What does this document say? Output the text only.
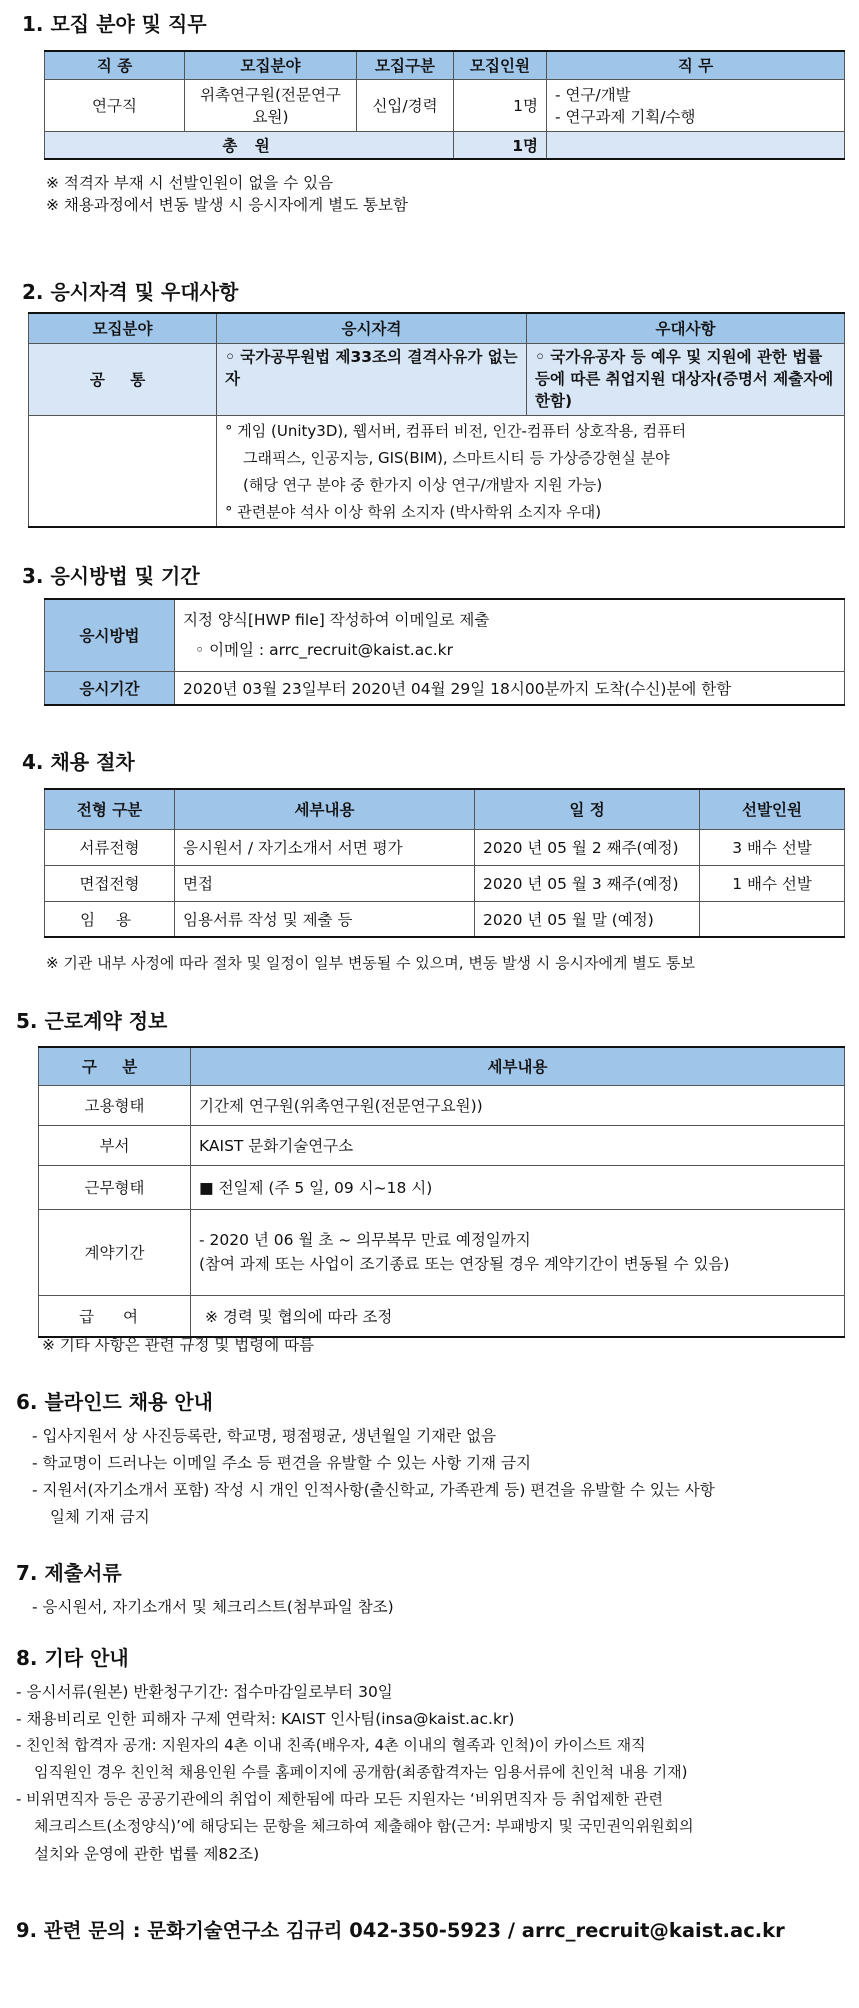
1. 모집 분야 및 직무
직 종	모집분야	모집구분	모집인원	직 무
연구직	위촉연구원(전문연구요원)	신입/경력	1명	- 연구/개발
- 연구과제 기획/수행

총 원			1명	
※ 적격자 부재 시 선발인원이 없을 수 있음
※ 채용과정에서 변동 발생 시 응시자에게 별도 통보함
2. 응시자격 및 우대사항
모집분야	응시자격	우대사항
공 통	◦ 국가공무원법 제33조의 결격사유가 없는 자	◦ 국가유공자 등 예우 및 지원에 관한 법률 등에 따른 취업지원 대상자(증명서 제출자에 한함)

	° 게임 (Unity3D), 웹서버, 컴퓨터 비전, 인간-컴퓨터 상호작용, 컴퓨터
그래픽스, 인공지능, GIS(BIM), 스마트시티 등 가상증강현실 분야
(해당 연구 분야 중 한가지 이상 연구/개발자 지원 가능)
° 관련분야 석사 이상 학위 소지자 (박사학위 소지자 우대)	
3. 응시방법 및 기간
응시방법	지정 양식[HWP file] 작성하여 이메일로 제출
◦ 이메일 : arrc_recruit@kaist.ac.kr

응시기간	2020년 03월 23일부터 2020년 04월 29일 18시00분까지 도착(수신)분에 한함
4. 채용 절차
전형 구분	세부내용	일 정	선발인원
서류전형	응시원서 / 자기소개서 서면 평가	2020 년 05 월 2 째주(예정)	3 배수 선발
면접전형	면접	2020 년 05 월 3 째주(예정)	1 배수 선발
임 용	임용서류 작성 및 제출 등	2020 년 05 월 말 (예정)	
※ 기관 내부 사정에 따라 절차 및 일정이 일부 변동될 수 있으며, 변동 발생 시 응시자에게 별도 통보
5. 근로계약 정보
구 분	세부내용
고용형태	기간제 연구원(위촉연구원(전문연구요원))
부서	KAIST 문화기술연구소
근무형태	■ 전일제 (주 5 일, 09 시~18 시)
계약기간	- 2020 년 06 월 초 ~ 의무복무 만료 예정일까지
(참여 과제 또는 사업이 조기종료 또는 연장될 경우 계약기간이 변동될 수 있음)

급 여	※ 경력 및 협의에 따라 조정
※ 기타 사항은 관련 규정 및 법령에 따름
6. 블라인드 채용 안내
- 입사지원서 상 사진등록란, 학교명, 평점평균, 생년월일 기재란 없음
- 학교명이 드러나는 이메일 주소 등 편견을 유발할 수 있는 사항 기재 금지
- 지원서(자기소개서 포함) 작성 시 개인 인적사항(출신학교, 가족관계 등) 편견을 유발할 수 있는 사항
일체 기재 금지
7. 제출서류
- 응시원서, 자기소개서 및 체크리스트(첨부파일 참조)
8. 기타 안내
- 응시서류(원본) 반환청구기간: 접수마감일로부터 30일
- 채용비리로 인한 피해자 구제 연락처: KAIST 인사팀(insa@kaist.ac.kr)
- 친인척 합격자 공개: 지원자의 4촌 이내 친족(배우자, 4촌 이내의 혈족과 인척)이 카이스트 재직
임직원인 경우 친인척 채용인원 수를 홈페이지에 공개함(최종합격자는 임용서류에 친인척 내용 기재)
- 비위면직자 등은 공공기관에의 취업이 제한됨에 따라 모든 지원자는 ‘비위면직자 등 취업제한 관련
체크리스트(소정양식)’에 해당되는 문항을 체크하여 제출해야 함(근거: 부패방지 및 국민권익위원회의
설치와 운영에 관한 법률 제82조)
9. 관련 문의 : 문화기술연구소 김규리 042-350-5923 / arrc_recruit@kaist.ac.kr
